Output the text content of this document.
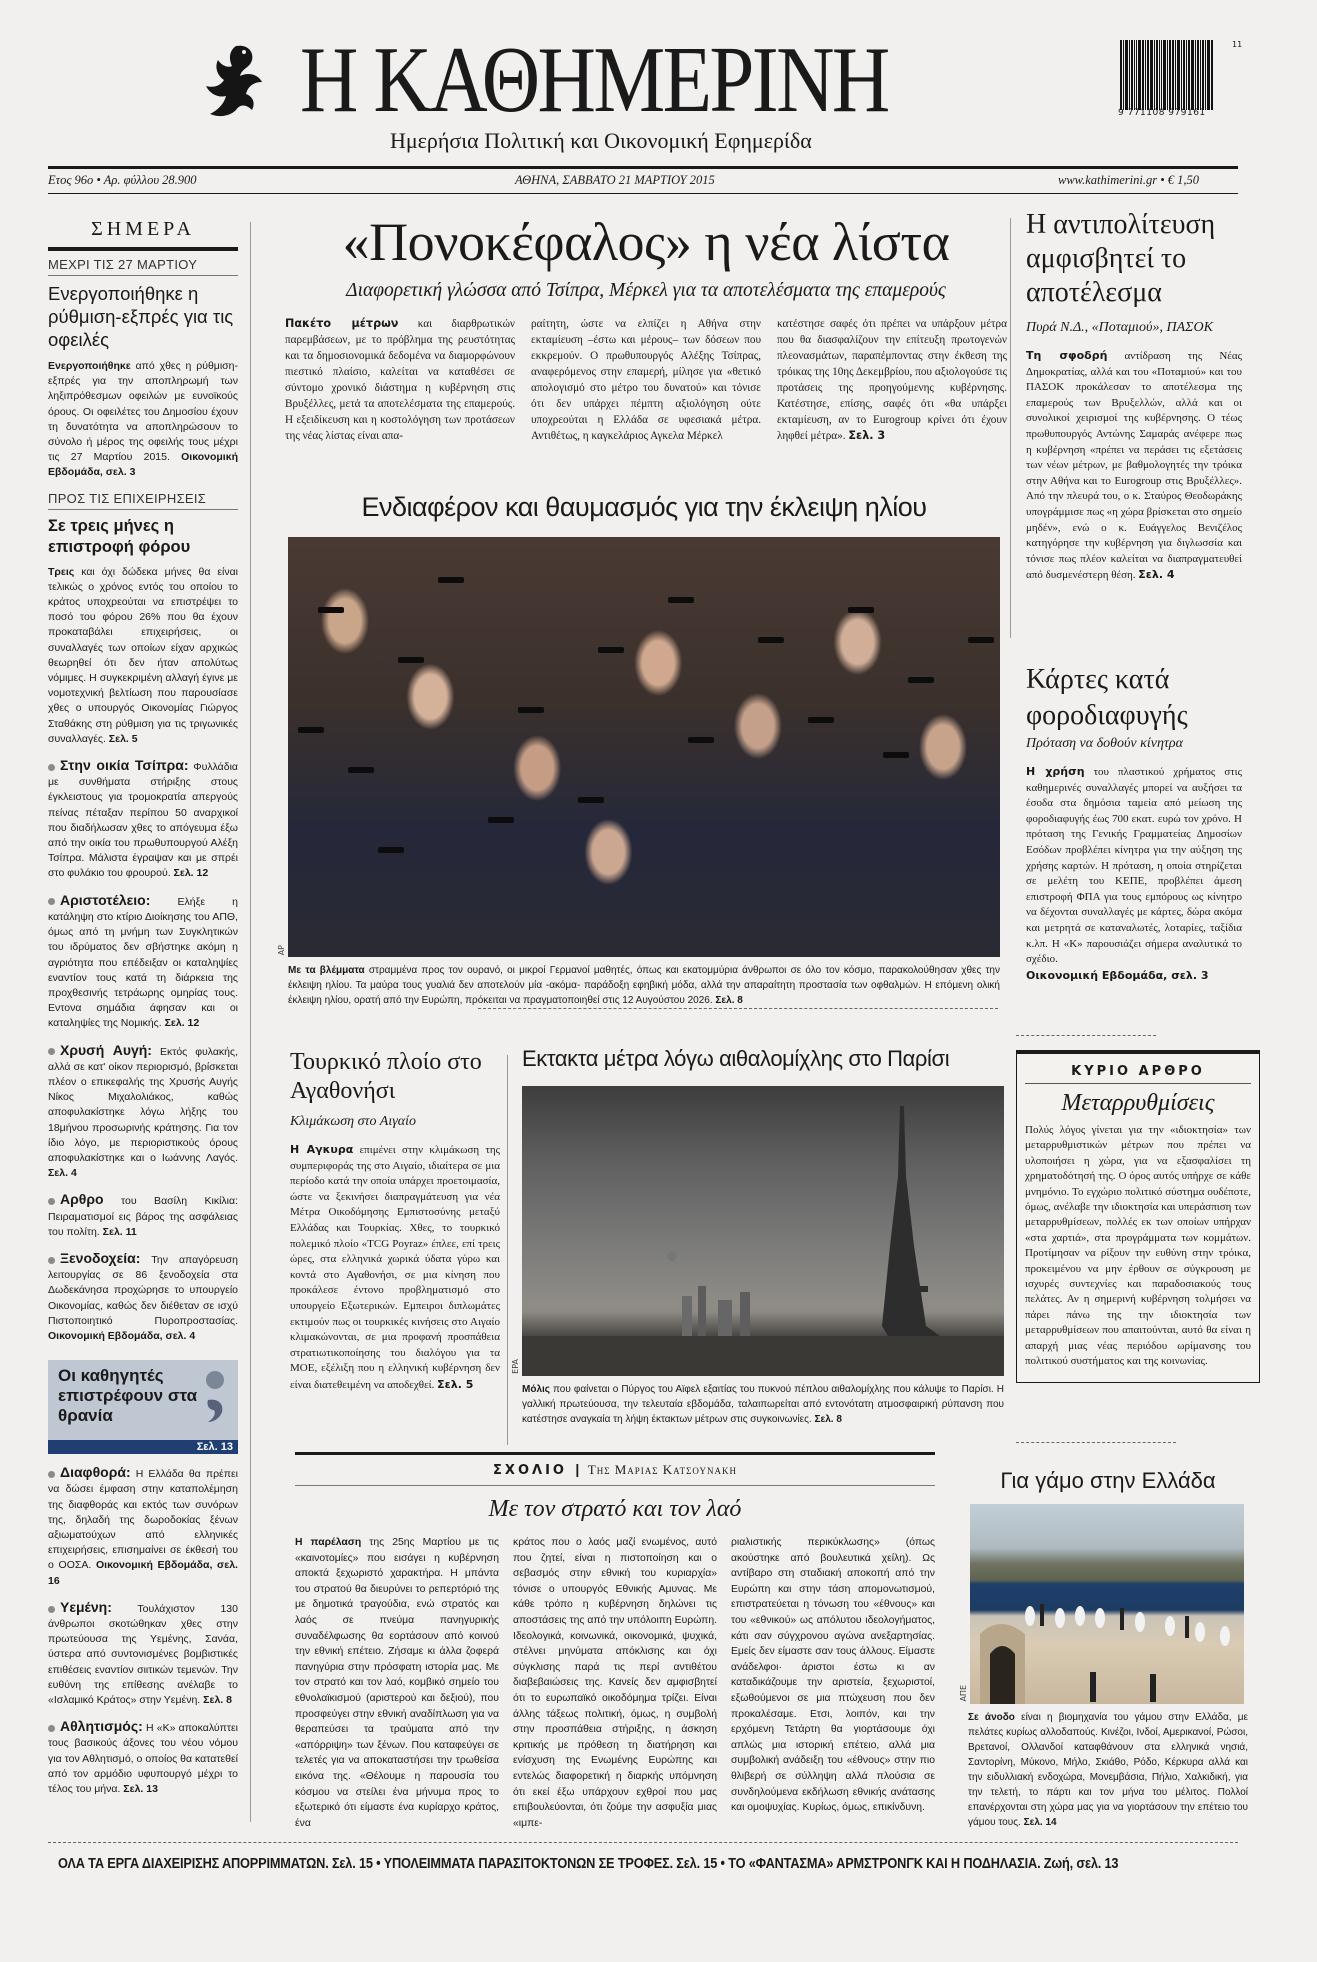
Η ΚΑΘΗΜΕΡΙΝΗ
Ημερήσια Πολιτική και Οικονομική Εφημερίδα
9 771108 979161
11
Ετος 96ο • Αρ. φύλλου 28.900	ΑΘΗΝΑ, ΣΑΒΒΑΤΟ 21 ΜΑΡΤΙΟΥ 2015	www.kathimerini.gr • € 1,50
ΣΗΜΕΡΑ
ΜΕΧΡΙ ΤΙΣ 27 ΜΑΡΤΙΟΥ
Ενεργοποιήθηκε η ρύθμιση-εξπρές για τις οφειλές
Ενεργοποιήθηκε από χθες η ρύθμιση-εξπρές για την αποπληρωμή των ληξιπρόθεσμων οφειλών με ευνοϊκούς όρους. Οι οφειλέτες του Δημοσίου έχουν τη δυνατότητα να αποπληρώσουν το σύνολο ή μέρος της οφειλής τους μέχρι τις 27 Μαρτίου 2015. Οικονομική Εβδομάδα, σελ. 3
ΠΡΟΣ ΤΙΣ ΕΠΙΧΕΙΡΗΣΕΙΣ
Σε τρεις μήνες η επιστροφή φόρου
Τρεις και όχι δώδεκα μήνες θα είναι τελικώς ο χρόνος εντός του οποίου το κράτος υποχρεούται να επιστρέψει το ποσό του φόρου 26% που θα έχουν προκαταβάλει επιχειρήσεις, οι συναλλαγές των οποίων είχαν αρχικώς θεωρηθεί ότι δεν ήταν απολύτως νόμιμες. Η συγκεκριμένη αλλαγή έγινε με νομοτεχνική βελτίωση που παρουσίασε χθες ο υπουργός Οικονομίας Γιώργος Σταθάκης στη ρύθμιση για τις τριγωνικές συναλλαγές. Σελ. 5
Στην οικία Τσίπρα: Φυλλάδια με συνθήματα στήριξης στους έγκλειστους για τρομοκρατία απεργούς πείνας πέταξαν περίπου 50 αναρχικοί που διαδήλωσαν χθες το απόγευμα έξω από την οικία του πρωθυπουργού Αλέξη Τσίπρα. Μάλιστα έγραψαν και με σπρέι στο φυλάκιο του φρουρού. Σελ. 12
Αριστοτέλειο: Ελήξε η κατάληψη στο κτίριο Διοίκησης του ΑΠΘ, όμως από τη μνήμη των Συγκλητικών του ιδρύματος δεν σβήστηκε ακόμη η αγριότητα που επέδειξαν οι καταληψίες εναντίον τους κατά τη διάρκεια της προχθεσινής τετράωρης ομηρίας τους. Εντονα σημάδια άφησαν και οι καταληψίες της Νομικής. Σελ. 12
Χρυσή Αυγή: Εκτός φυλακής, αλλά σε κατ' οίκον περιορισμό, βρίσκεται πλέον ο επικεφαλής της Χρυσής Αυγής Νίκος Μιχαλολιάκος, καθώς αποφυλακίστηκε λόγω λήξης του 18μήνου προσωρινής κράτησης. Για τον ίδιο λόγο, με περιοριστικούς όρους αποφυλακίστηκε και ο Ιωάννης Λαγός. Σελ. 4
Αρθρο του Βασίλη Κικίλια: Πειραματισμοί εις βάρος της ασφάλειας του πολίτη. Σελ. 11
Ξενοδοχεία: Την απαγόρευση λειτουργίας σε 86 ξενοδοχεία στα Δωδεκάνησα προχώρησε το υπουργείο Οικονομίας, καθώς δεν διέθεταν σε ισχύ Πιστοποιητικό Πυροπροστασίας. Οικονομική Εβδομάδα, σελ. 4
Οι καθηγητές επιστρέφουν στα θρανία
Σελ. 13
Διαφθορά: Η Ελλάδα θα πρέπει να δώσει έμφαση στην καταπολέμηση της διαφθοράς και εκτός των συνόρων της, δηλαδή της δωροδοκίας ξένων αξιωματούχων από ελληνικές επιχειρήσεις, επισημαίνει σε έκθεσή του ο ΟΟΣΑ. Οικονομική Εβδομάδα, σελ. 16
Υεμένη: Τουλάχιστον 130 άνθρωποι σκοτώθηκαν χθες στην πρωτεύουσα της Υεμένης, Σανάα, ύστερα από συντονισμένες βομβιστικές επιθέσεις εναντίον σιιτικών τεμενών. Την ευθύνη της επίθεσης ανέλαβε το «Ισλαμικό Κράτος» στην Υεμένη. Σελ. 8
Αθλητισμός: Η «Κ» αποκαλύπτει τους βασικούς άξονες του νέου νόμου για τον Αθλητισμό, ο οποίος θα κατατεθεί από τον αρμόδιο υφυπουργό μέχρι το τέλος του μήνα. Σελ. 13
«Πονοκέφαλος» η νέα λίστα
Διαφορετική γλώσσα από Τσίπρα, Μέρκελ για τα αποτελέσματα της επαμερούς
Πακέτο μέτρων και διαρθρωτικών παρεμβάσεων, με το πρόβλημα της ρευστότητας και τα δημοσιονομικά δεδομένα να διαμορφώνουν πιεστικό πλαίσιο, καλείται να καταθέσει σε σύντομο χρονικό διάστημα η κυβέρνηση στις Βρυξέλλες, μετά τα αποτελέσματα της επαμερούς. Η εξειδίκευση και η κοστολόγηση των προτάσεων της νέας λίστας είναι απα-
ραίτητη, ώστε να ελπίζει η Αθήνα στην εκταμίευση –έστω και μέρους– των δόσεων που εκκρεμούν. Ο πρωθυπουργός Αλέξης Τσίπρας, αναφερόμενος στην επαμερή, μίλησε για «θετικό απολογισμό στο μέτρο του δυνατού» και τόνισε ότι δεν υπάρχει πέμπτη αξιολόγηση ούτε υποχρεούται η Ελλάδα σε υφεσιακά μέτρα. Αντιθέτως, η καγκελάριος Αγκελα Μέρκελ
κατέστησε σαφές ότι πρέπει να υπάρξουν μέτρα που θα διασφαλίζουν την επίτευξη πρωτογενών πλεονασμάτων, παραπέμποντας στην έκθεση της τρόικας της 10ης Δεκεμβρίου, που αξιολογούσε τις προτάσεις της προηγούμενης κυβέρνησης. Κατέστησε, επίσης, σαφές ότι «θα υπάρξει εκταμίευση, αν το Eurogroup κρίνει ότι έχουν ληφθεί μέτρα». Σελ. 3
Ενδιαφέρον και θαυμασμός για την έκλειψη ηλίου
AP
Με τα βλέμματα στραμμένα προς τον ουρανό, οι μικροί Γερμανοί μαθητές, όπως και εκατομμύρια άνθρωποι σε όλο τον κόσμο, παρακολούθησαν χθες την έκλειψη ηλίου. Τα μαύρα τους γυαλιά δεν αποτελούν μία -ακόμα- παράδοξη εφηβική μόδα, αλλά την απαραίτητη προστασία των οφθαλμών. Η επόμενη ολική έκλειψη ηλίου, ορατή από την Ευρώπη, πρόκειται να πραγματοποιηθεί στις 12 Αυγούστου 2026. Σελ. 8
Η αντιπολίτευση αμφισβητεί το αποτέλεσμα
Πυρά Ν.Δ., «Ποταμιού», ΠΑΣΟΚ
Τη σφοδρή αντίδραση της Νέας Δημοκρατίας, αλλά και του «Ποταμιού» και του ΠΑΣΟΚ προκάλεσαν το αποτέλεσμα της επαμερούς των Βρυξελλών, αλλά και οι συνολικοί χειρισμοί της κυβέρνησης. Ο τέως πρωθυπουργός Αντώνης Σαμαράς ανέφερε πως η κυβέρνηση «πρέπει να περάσει τις εξετάσεις των νέων μέτρων, με βαθμολογητές την τρόικα στην Αθήνα και το Eurogroup στις Βρυξέλλες». Από την πλευρά του, ο κ. Σταύρος Θεοδωράκης υπογράμμισε πως «η χώρα βρίσκεται στο σημείο μηδέν», ενώ ο κ. Ευάγγελος Βενιζέλος κατηγόρησε την κυβέρνηση για διγλωσσία και τόνισε πως πλέον καλείται να διαπραγματευθεί από δυσμενέστερη θέση. Σελ. 4
Κάρτες κατά φοροδιαφυγής
Πρόταση να δοθούν κίνητρα
Η χρήση του πλαστικού χρήματος στις καθημερινές συναλλαγές μπορεί να αυξήσει τα έσοδα στα δημόσια ταμεία από μείωση της φοροδιαφυγής έως 700 εκατ. ευρώ τον χρόνο. Η πρόταση της Γενικής Γραμματείας Δημοσίων Εσόδων προβλέπει κίνητρα για την αύξηση της χρήσης καρτών. Η πρόταση, η οποία στηρίζεται σε μελέτη του ΚΕΠΕ, προβλέπει άμεση επιστροφή ΦΠΑ για τους εμπόρους ως κίνητρο να δέχονται συναλλαγές με κάρτες, δώρα ακόμα και μετρητά σε καταναλωτές, λοταρίες, ταξίδια κ.λπ. Η «Κ» παρουσιάζει σήμερα αναλυτικά το σχέδιο.
Οικονομική Εβδομάδα, σελ. 3
Τουρκικό πλοίο στο Αγαθονήσι
Κλιμάκωση στο Αιγαίο
Η Αγκυρα επιμένει στην κλιμάκωση της συμπεριφοράς της στο Αιγαίο, ιδιαίτερα σε μια περίοδο κατά την οποία υπάρχει προετοιμασία, ώστε να ξεκινήσει διαπραγμάτευση για νέα Μέτρα Οικοδόμησης Εμπιστοσύνης μεταξύ Ελλάδας και Τουρκίας. Χθες, το τουρκικό πολεμικό πλοίο «TCG Poyraz» έπλεε, επί τρεις ώρες, στα ελληνικά χωρικά ύδατα γύρω και κοντά στο Αγαθονήσι, σε μια κίνηση που προκάλεσε έντονο προβληματισμό στο υπουργείο Εξωτερικών. Εμπειροι διπλωμάτες εκτιμούν πως οι τουρκικές κινήσεις στο Αιγαίο κλιμακώνονται, σε μια προφανή προσπάθεια στρατιωτικοποίησης του διαλόγου για τα ΜΟΕ, εξέλιξη που η ελληνική κυβέρνηση δεν είναι διατεθειμένη να αποδεχθεί. Σελ. 5
Εκτακτα μέτρα λόγω αιθαλομίχλης στο Παρίσι
EPA
Μόλις που φαίνεται ο Πύργος του Αϊφελ εξαιτίας του πυκνού πέπλου αιθαλομίχλης που κάλυψε το Παρίσι. Η γαλλική πρωτεύουσα, την τελευταία εβδομάδα, ταλαιπωρείται από εντονότατη ατμοσφαιρική ρύπανση που κατέστησε αναγκαία τη λήψη έκτακτων μέτρων στις συγκοινωνίες. Σελ. 8
ΚΥΡΙΟ ΑΡΘΡΟ
Μεταρρυθμίσεις
Πολύς λόγος γίνεται για την «ιδιοκτησία» των μεταρρυθμιστικών μέτρων που πρέπει να υλοποιήσει η χώρα, για να εξασφαλίσει τη χρηματοδότησή της. Ο όρος αυτός υπήρχε σε κάθε μνημόνιο. Το εγχώριο πολιτικό σύστημα ουδέποτε, όμως, ανέλαβε την ιδιοκτησία και υπεράσπιση των μεταρρυθμίσεων, πολλές εκ των οποίων υπήρχαν «στα χαρτιά», στα προγράμματα των κομμάτων. Προτίμησαν να ρίξουν την ευθύνη στην τρόικα, προκειμένου να μην έρθουν σε σύγκρουση με ισχυρές συντεχνίες και παραδοσιακούς τους πελάτες. Αν η σημερινή κυβέρνηση τολμήσει να πάρει πάνω της την ιδιοκτησία των μεταρρυθμίσεων που απαιτούνται, αυτό θα είναι η απαρχή μιας νέας περιόδου ωρίμανσης του πολιτικού συστήματος και της κοινωνίας.
ΣΧΟΛΙΟ | Της Μαριας Κατσουνακη
Με τον στρατό και τον λαό
Η παρέλαση της 25ης Μαρτίου με τις «καινοτομίες» που εισάγει η κυβέρνηση αποκτά ξεχωριστό χαρακτήρα. Η μπάντα του στρατού θα διευρύνει το ρεπερτόριό της με δημοτικά τραγούδια, ενώ στρατός και λαός σε πνεύμα πανηγυρικής συναδέλφωσης θα εορτάσουν από κοινού την εθνική επέτειο. Ζήσαμε κι άλλα ζοφερά πανηγύρια στην πρόσφατη ιστορία μας. Με τον στρατό και τον λαό, κομβικό σημείο του εθνολαϊκισμού (αριστερού και δεξιού), που προσφεύγει στην εθνική αναδίπλωση για να θεραπεύσει τα τραύματα από την «απόρριψη» των ξένων. Που καταφεύγει σε τελετές για να αποκαταστήσει την τρωθείσα εικόνα της. «Θέλουμε η παρουσία του κόσμου να στείλει ένα μήνυμα προς το εξωτερικό ότι είμαστε ένα κυρίαρχο κράτος, ένα
κράτος που ο λαός μαζί ενωμένος, αυτό που ζητεί, είναι η πιστοποίηση και ο σεβασμός στην εθνική του κυριαρχία» τόνισε ο υπουργός Εθνικής Αμυνας. Με κάθε τρόπο η κυβέρνηση δηλώνει τις αποστάσεις της από την υπόλοιπη Ευρώπη. Ιδεολογικά, κοινωνικά, οικονομικά, ψυχικά, στέλνει μηνύματα απόκλισης και όχι σύγκλισης παρά τις περί αντιθέτου διαβεβαιώσεις της. Κανείς δεν αμφισβητεί ότι το ευρωπαϊκό οικοδόμημα τρίζει. Είναι άλλης τάξεως πολιτική, όμως, η συμβολή στην προσπάθεια στήριξης, η άσκηση κριτικής με πρόθεση τη διατήρηση και ενίσχυση της Ενωμένης Ευρώπης και εντελώς διαφορετική η διαρκής υπόμνηση ότι εκεί έξω υπάρχουν εχθροί που μας επιβουλεύονται, ότι ζούμε την ασφυξία μιας «ιμπε-
ριαλιστικής περικύκλωσης» (όπως ακούστηκε από βουλευτικά χείλη). Ως αντίβαρο στη σταδιακή αποκοπή από την Ευρώπη και στην τάση απομονωτισμού, επιστρατεύεται η τόνωση του «έθνους» και του «εθνικού» ως απόλυτου ιδεολογήματος, κάτι σαν σύγχρονου αγώνα ανεξαρτησίας. Εμείς δεν είμαστε σαν τους άλλους. Είμαστε ανάδελφοι· άριστοι έστω κι αν καταδικάζουμε την αριστεία, ξεχωριστοί, εξωθούμενοι σε μια πτώχευση που δεν προκαλέσαμε. Ετσι, λοιπόν, και την ερχόμενη Τετάρτη θα γιορτάσουμε όχι απλώς μια ιστορική επέτειο, αλλά μια συμβολική ανάδειξη του «έθνους» στην πιο θλιβερή σε σύλληψη αλλά πλούσια σε συνδηλούμενα εκδήλωση εθνικής ανάτασης και ομοψυχίας. Κυρίως, όμως, επικίνδυνη.
Για γάμο στην Ελλάδα
ΑΠΕ
Σε άνοδο είναι η βιομηχανία του γάμου στην Ελλάδα, με πελάτες κυρίως αλλοδαπούς. Κινέζοι, Ινδοί, Αμερικανοί, Ρώσοι, Βρετανοί, Ολλανδοί καταφθάνουν στα ελληνικά νησιά, Σαντορίνη, Μύκονο, Μήλο, Σκιάθο, Ρόδο, Κέρκυρα αλλά και την ειδυλλιακή ενδοχώρα, Μονεμβάσια, Πήλιο, Χαλκιδική, για την τελετή, το πάρτι και τον μήνα του μέλιτος. Πολλοί επανέρχονται στη χώρα μας για να γιορτάσουν την επέτειο του γάμου τους. Σελ. 14
ΟΛΑ ΤΑ ΕΡΓΑ ΔΙΑΧΕΙΡΙΣΗΣ ΑΠΟΡΡΙΜΜΑΤΩΝ. Σελ. 15 • ΥΠΟΛΕΙΜΜΑΤΑ ΠΑΡΑΣΙΤΟΚΤΟΝΩΝ ΣΕ ΤΡΟΦΕΣ. Σελ. 15 • ΤΟ «ΦΑΝΤΑΣΜΑ» ΑΡΜΣΤΡΟΝΓΚ ΚΑΙ Η ΠΟΔΗΛΑΣΙΑ. Ζωή, σελ. 13
